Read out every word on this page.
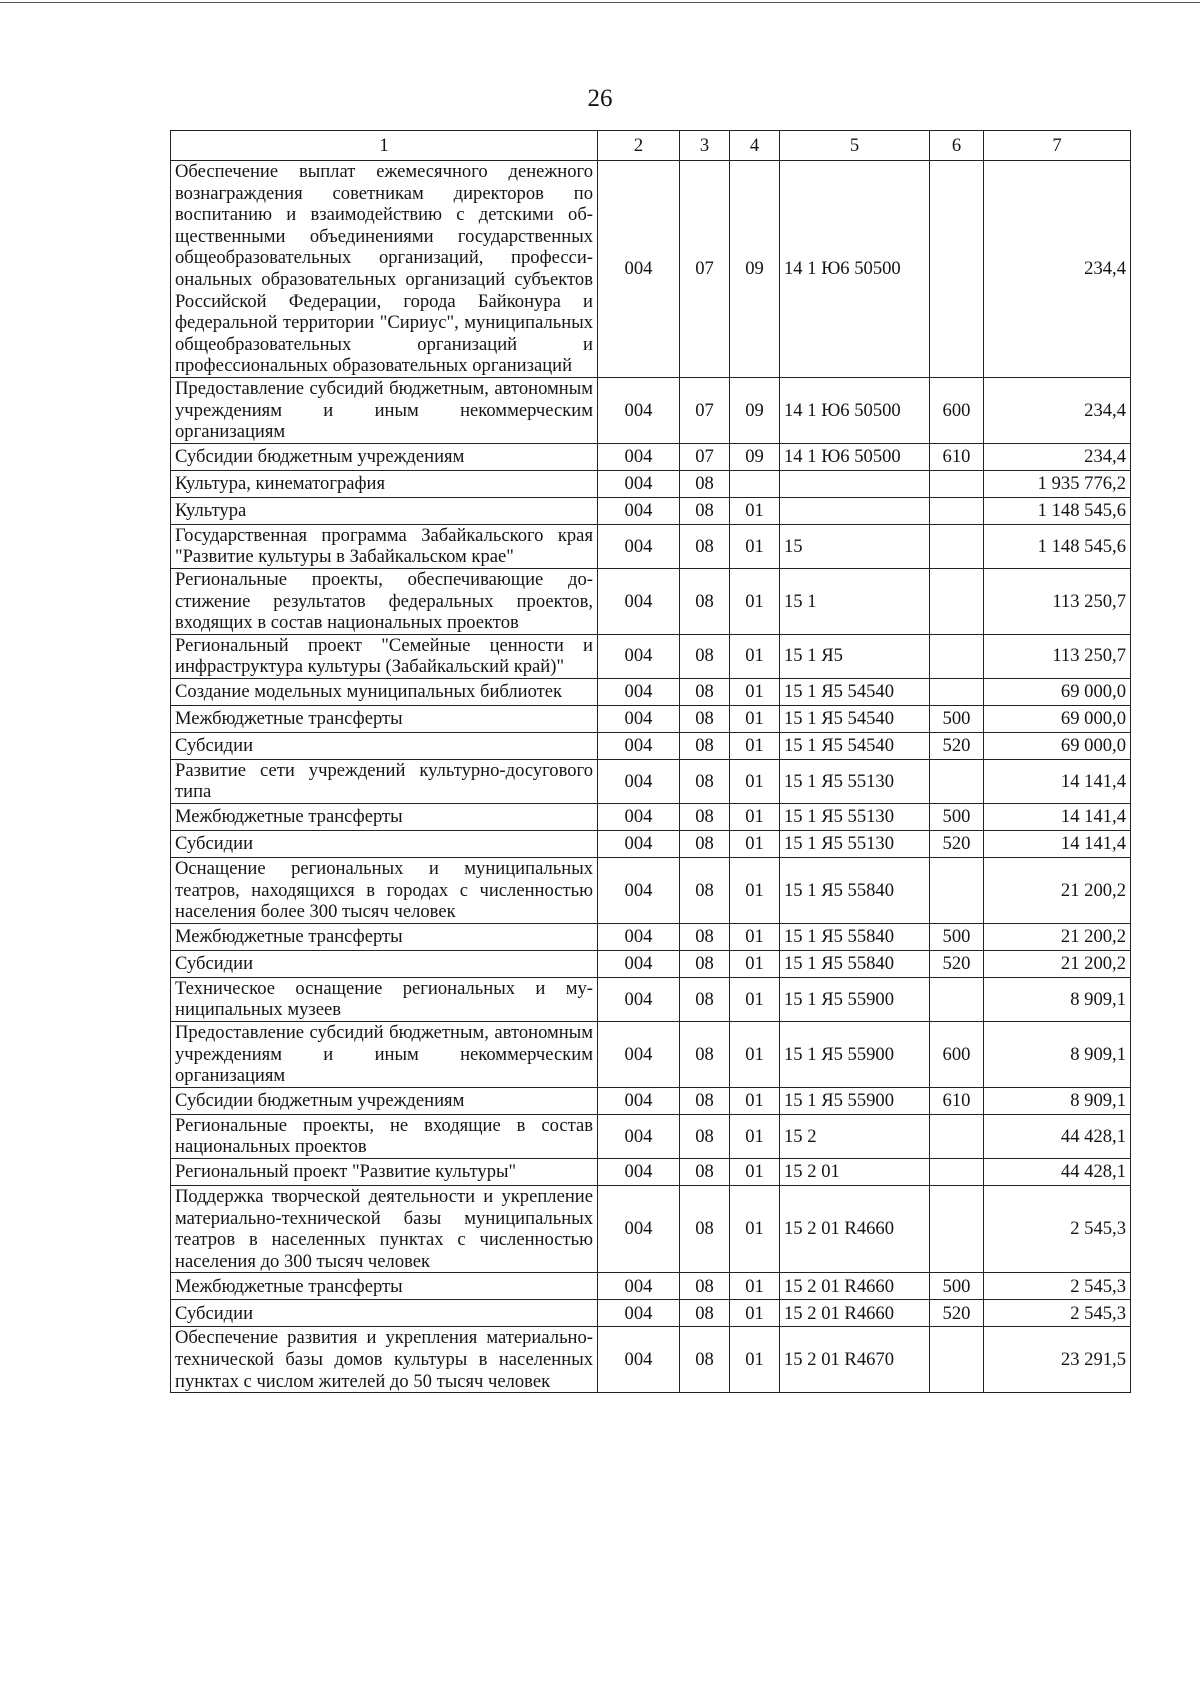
26
1	2	3	4	5	6	7
Обеспечение выплат ежемесячного денежного вознаграждения советникам директоров по воспитанию и взаимодействию с детскими общественными объединениями государственных общеобразовательных организаций, профессиональных образовательных организаций субъектов Российской Федерации, города Байконура и федеральной территории "Сириус", муниципальных общеобразовательных организаций и профессиональных образовательных организаций	004	07	09	14 1 Ю6 50500		234,4
Предоставление субсидий бюджетным, автономным учреждениям и иным некоммерческим организациям	004	07	09	14 1 Ю6 50500	600	234,4
Субсидии бюджетным учреждениям	004	07	09	14 1 Ю6 50500	610	234,4
Культура, кинематография	004	08				1 935 776,2
Культура	004	08	01			1 148 545,6
Государственная программа Забайкальского края "Развитие культуры в Забайкальском крае"	004	08	01	15		1 148 545,6
Региональные проекты, обеспечивающие достижение результатов федеральных проектов, входящих в состав национальных проектов	004	08	01	15 1		113 250,7
Региональный проект "Семейные ценности и инфраструктура культуры (Забайкальский край)"	004	08	01	15 1 Я5		113 250,7
Создание модельных муниципальных библиотек	004	08	01	15 1 Я5 54540		69 000,0
Межбюджетные трансферты	004	08	01	15 1 Я5 54540	500	69 000,0
Субсидии	004	08	01	15 1 Я5 54540	520	69 000,0
Развитие сети учреждений культурно-досугового типа	004	08	01	15 1 Я5 55130		14 141,4
Межбюджетные трансферты	004	08	01	15 1 Я5 55130	500	14 141,4
Субсидии	004	08	01	15 1 Я5 55130	520	14 141,4
Оснащение региональных и муниципальных театров, находящихся в городах с численностью населения более 300 тысяч человек	004	08	01	15 1 Я5 55840		21 200,2
Межбюджетные трансферты	004	08	01	15 1 Я5 55840	500	21 200,2
Субсидии	004	08	01	15 1 Я5 55840	520	21 200,2
Техническое оснащение региональных и муниципальных музеев	004	08	01	15 1 Я5 55900		8 909,1
Предоставление субсидий бюджетным, автономным учреждениям и иным некоммерческим организациям	004	08	01	15 1 Я5 55900	600	8 909,1
Субсидии бюджетным учреждениям	004	08	01	15 1 Я5 55900	610	8 909,1
Региональные проекты, не входящие в состав национальных проектов	004	08	01	15 2		44 428,1
Региональный проект "Развитие культуры"	004	08	01	15 2 01		44 428,1
Поддержка творческой деятельности и укрепление материально-технической базы муниципальных театров в населенных пунктах с численностью населения до 300 тысяч человек	004	08	01	15 2 01 R4660		2 545,3
Межбюджетные трансферты	004	08	01	15 2 01 R4660	500	2 545,3
Субсидии	004	08	01	15 2 01 R4660	520	2 545,3
Обеспечение развития и укрепления материально-технической базы домов культуры в населенных пунктах с числом жителей до 50 тысяч человек	004	08	01	15 2 01 R4670		23 291,5
